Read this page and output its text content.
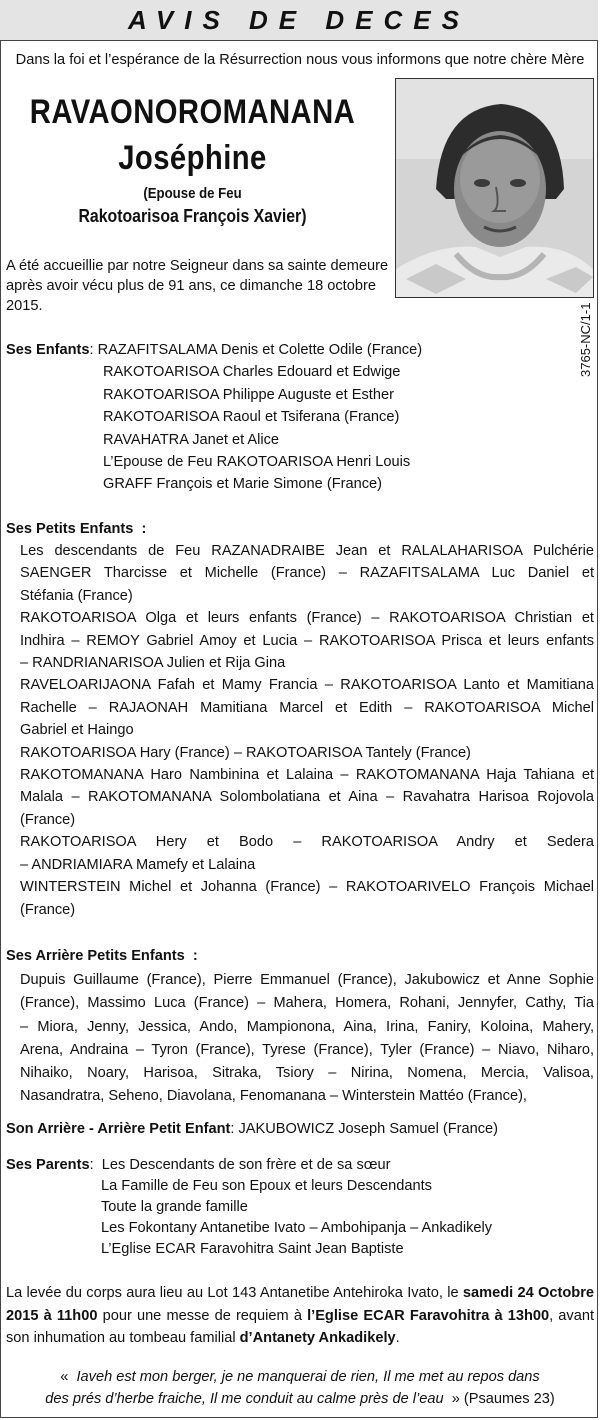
AVIS DE DECES
Dans la foi et l’espérance de la Résurrection nous vous informons que notre chère Mère
RAVAONOROMANANA
Joséphine
(Epouse de Feu
Rakotoarisoa François Xavier)
A été accueillie par notre Seigneur dans sa sainte demeure après avoir vécu plus de 91 ans, ce dimanche 18 octobre 2015.	3765-NC/1-1
Ses Enfants: RAZAFITSALAMA Denis et Colette Odile (France)
RAKOTOARISOA Charles Edouard et Edwige
RAKOTOARISOA Philippe Auguste et Esther
RAKOTOARISOA Raoul et Tsiferana (France)
RAVAHATRA Janet et Alice
L’Epouse de Feu RAKOTOARISOA Henri Louis
GRAFF François et Marie Simone (France)
Ses Petits Enfants  :
Les descendants de Feu RAZANADRAIBE Jean et RALALAHARISOA Pulchérie
SAENGER Tharcisse et Michelle (France) – RAZAFITSALAMA Luc Daniel et
Stéfania (France)
RAKOTOARISOA Olga et leurs enfants (France) – RAKOTOARISOA Christian et
Indhira – REMOY Gabriel Amoy et Lucia – RAKOTOARISOA Prisca et leurs enfants
– RANDRIANARISOA Julien et Rija Gina
RAVELOARIJAONA Fafah et Mamy Francia – RAKOTOARISOA Lanto et Mamitiana
Rachelle – RAJAONAH Mamitiana Marcel et Edith – RAKOTOARISOA Michel
Gabriel et Haingo
RAKOTOARISOA Hary (France) – RAKOTOARISOA Tantely (France)
RAKOTOMANANA Haro Nambinina et Lalaina – RAKOTOMANANA Haja Tahiana et
Malala – RAKOTOMANANA Solombolatiana et Aina – Ravahatra Harisoa Rojovola
(France)
RAKOTOARISOA Hery et Bodo – RAKOTOARISOA Andry et Sedera
– ANDRIAMIARA Mamefy et Lalaina
WINTERSTEIN Michel et Johanna (France) – RAKOTOARIVELO François Michael
(France)
Ses Arrière Petits Enfants  :
Dupuis Guillaume (France), Pierre Emmanuel (France), Jakubowicz et Anne Sophie
(France), Massimo Luca (France) – Mahera, Homera, Rohani, Jennyfer, Cathy, Tia
– Miora, Jenny, Jessica, Ando, Mampionona, Aina, Irina, Faniry, Koloina, Mahery,
Arena, Andraina – Tyron (France), Tyrese (France), Tyler (France) – Niavo, Niharo,
Nihaiko, Noary, Harisoa, Sitraka, Tsiory – Nirina, Nomena, Mercia, Valisoa,
Nasandratra, Seheno, Diavolana, Fenomanana – Winterstein Mattéo (France),
Son Arrière - Arrière Petit Enfant: JAKUBOWICZ Joseph Samuel (France)
Ses Parents:  Les Descendants de son frère et de sa sœur
La Famille de Feu son Epoux et leurs Descendants
Toute la grande famille
Les Fokontany Antanetibe Ivato – Ambohipanja – Ankadikely
L’Eglise ECAR Faravohitra Saint Jean Baptiste
La levée du corps aura lieu au Lot 143 Antanetibe Antehiroka Ivato, le samedi 24 Octobre 2015 à 11h00 pour une messe de requiem à l’Eglise ECAR Faravohitra à 13h00, avant son inhumation au tombeau familial d’Antanety Ankadikely.
« Iaveh est mon berger, je ne manquerai de rien, Il me met au repos dans
des prés d’herbe fraiche, Il me conduit au calme près de l’eau » (Psaumes 23)
